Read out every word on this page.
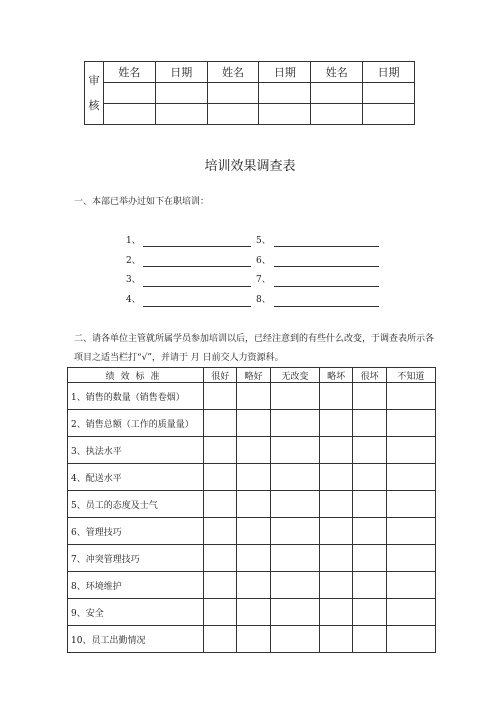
审
核	姓名	日期	姓名	日期	姓名	日期

培训效果调查表
一、本部已举办过如下在职培训：
1、
2、
3、
4、
5、
6、
7、
8、
二、请各单位主管就所属学员参加培训以后，已经注意到的有些什么改变，于调查表所示各
项目之适当栏打“√”，并请于 月 日前交人力资源科。
绩效标准	很好	略好	无改变	略坏	很坏	不知道
1、销售的数量（销售卷烟）						
2、销售总额（工作的质量量）						
3、执法水平						
4、配送水平						
5、员工的态度及士气						
6、管理技巧						
7、冲突管理技巧						
8、环境维护						
9、安全						
10、员工出勤情况						
